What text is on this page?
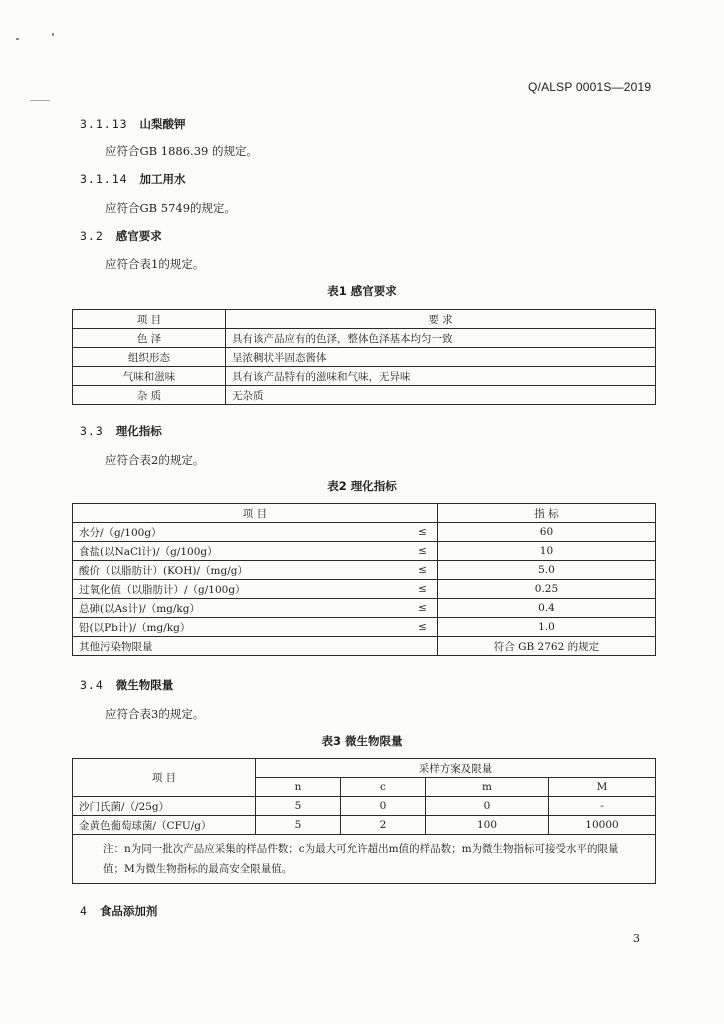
Q/ALSP 0001S—2019
3.1.13 山梨酸钾
应符合GB 1886.39 的规定。
3.1.14 加工用水
应符合GB 5749的规定。
3.2 感官要求
应符合表1的规定。
表1 感官要求
项 目	要 求
色 泽	具有该产品应有的色泽，整体色泽基本均匀一致
组织形态	呈浓稠状半固态酱体
气味和滋味	具有该产品特有的滋味和气味，无异味
杂 质	无杂质
3.3 理化指标
应符合表2的规定。
表2 理化指标
项 目		指 标
水分/（g/100g）	≤	60
食盐(以NaCl计)/（g/100g）	≤	10
酸价（以脂肪计）(KOH)/（mg/g）	≤	5.0
过氧化值（以脂肪计）/（g/100g）	≤	0.25
总砷(以As计)/（mg/kg）	≤	0.4
铅(以Pb计)/（mg/kg）	≤	1.0
其他污染物限量		符合 GB 2762 的规定
3.4 微生物限量
应符合表3的规定。
表3 微生物限量
项 目	采样方案及限量			
	n	c	m	M
沙门氏菌/（/25g）	5	0	0	-
金黄色葡萄球菌/（CFU/g）	5	2	100	10000
注：n为同一批次产品应采集的样品件数；c为最大可允许超出m值的样品数；m为微生物指标可接受水平的限量值；M为微生物指标的最高安全限量值。				
4 食品添加剂
3
